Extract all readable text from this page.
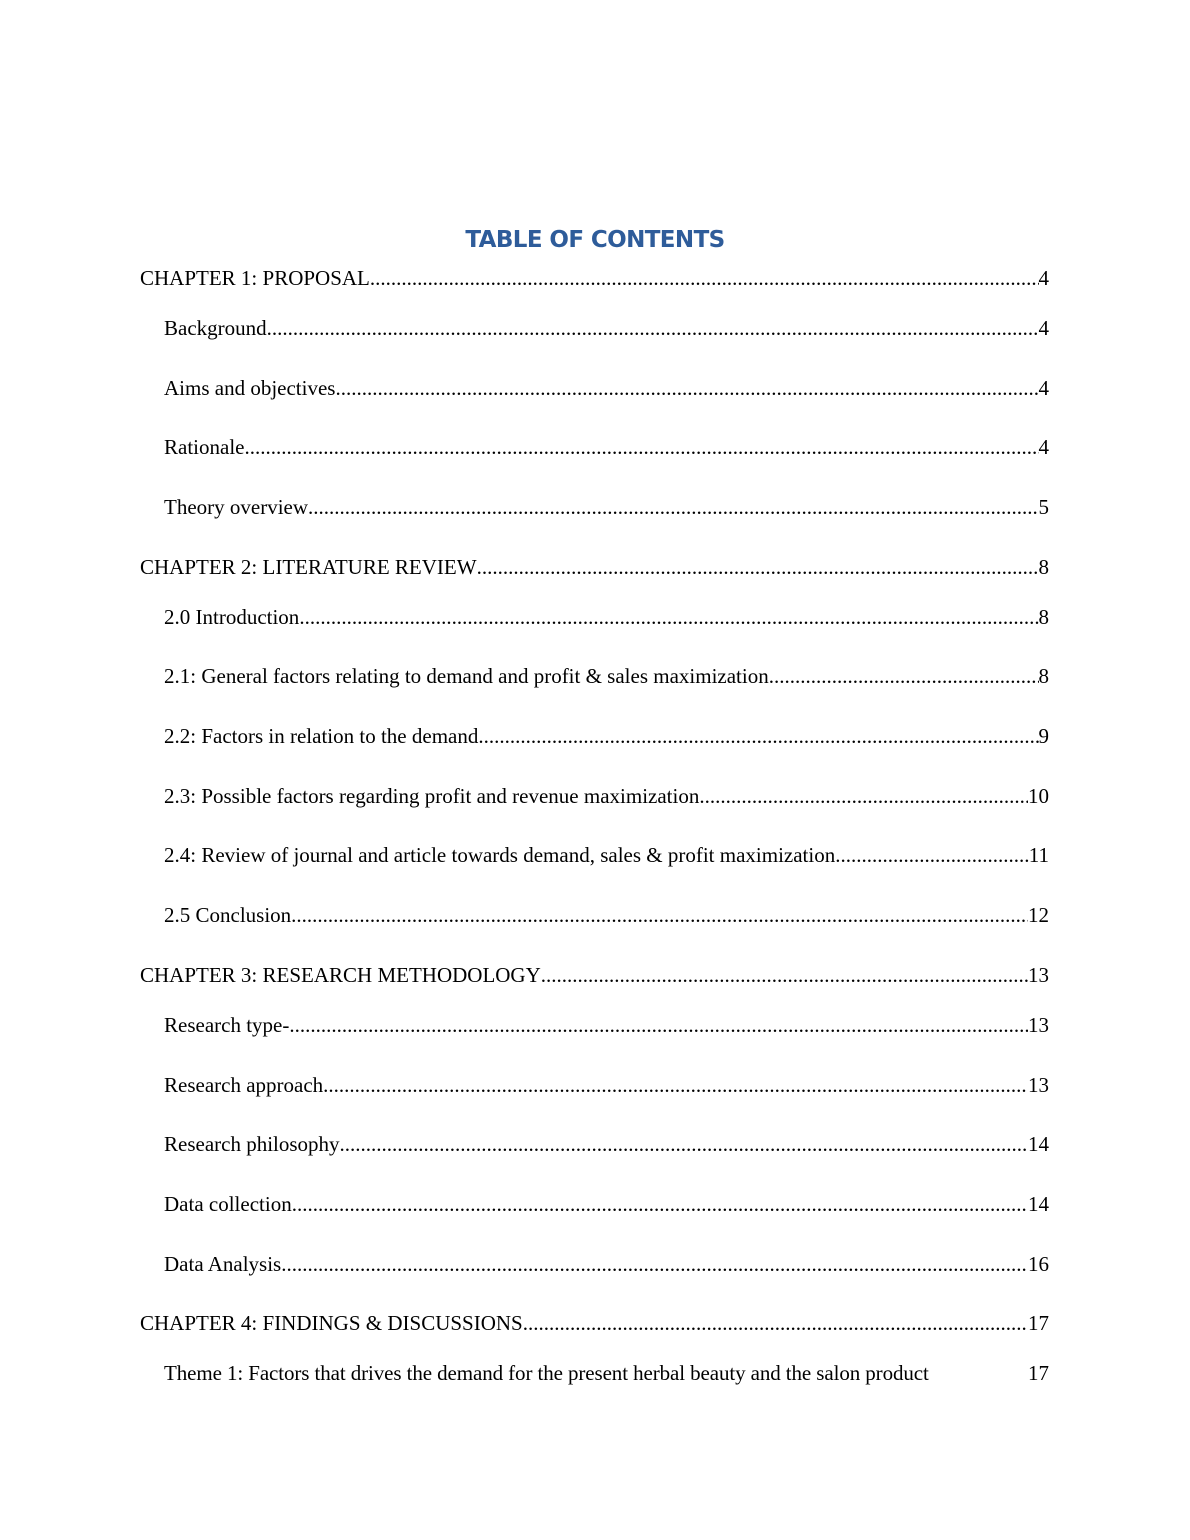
TABLE OF CONTENTS
CHAPTER 1: PROPOSAL .....	4
Background .....	4
Aims and objectives .....	4
Rationale .....	4
Theory overview .....	5
CHAPTER 2: LITERATURE REVIEW .....	8
2.0 Introduction .....	8
2.1: General factors relating to demand and profit & sales maximization .....	8
2.2: Factors in relation to the demand .....	9
2.3: Possible factors regarding profit and revenue maximization .....	10
2.4: Review of journal and article towards demand, sales & profit maximization .....	11
2.5 Conclusion .....	12
CHAPTER 3: RESEARCH METHODOLOGY .....	13
Research type- .....	13
Research approach .....	13
Research philosophy .....	14
Data collection .....	14
Data Analysis .....	16
CHAPTER 4: FINDINGS & DISCUSSIONS .....	17
Theme 1: Factors that drives the demand for the present herbal beauty and the salon product	17
